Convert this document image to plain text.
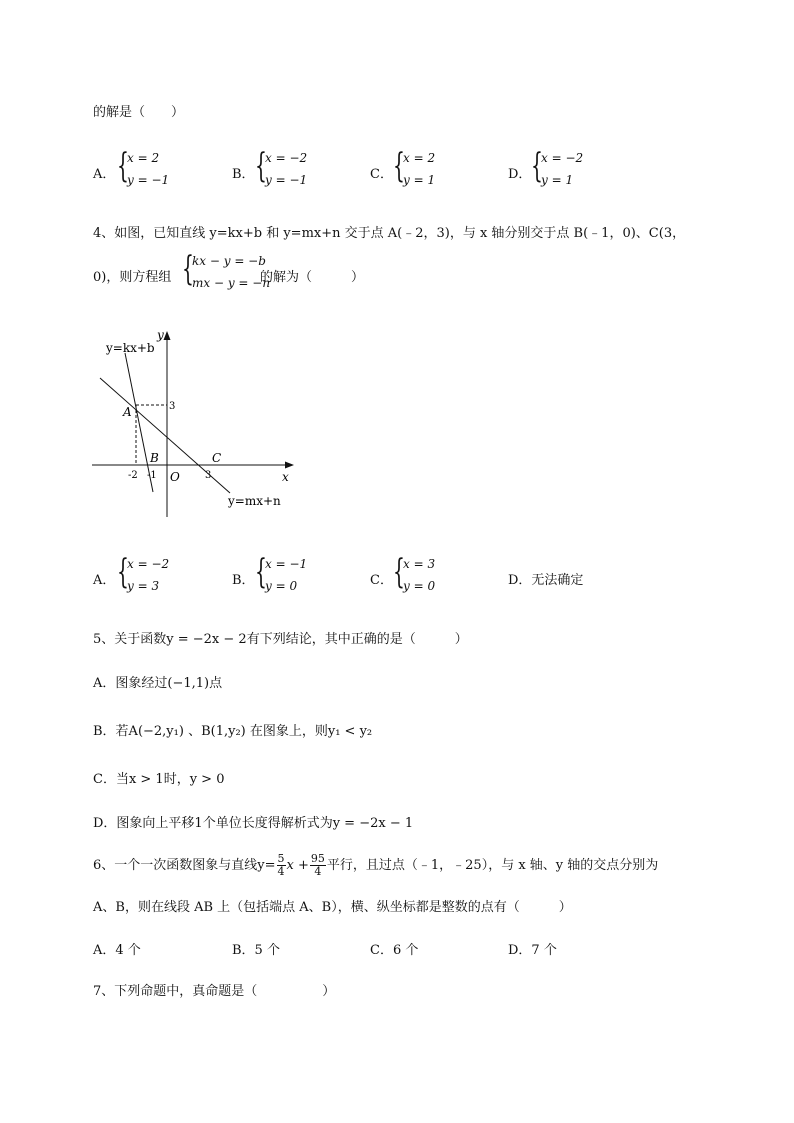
的解是（　　）
A． {
x = 2
y = −1	B． {
x = −2
y = −1	C． {
x = 2
y = 1	D． {
x = −2
y = 1
4、如图，已知直线 y=kx+b 和 y=mx+n 交于点 A(﹣2，3)，与 x 轴分别交于点 B(﹣1，0)、C(3，
0)，则方程组 {
kx − y = −b
mx − y = −n
的解为（　　　）
y=kx+b
y=mx+n
y
x
A
B	C
O
3
-2 -1	3
A． {
x = −2
y = 3	B． {
x = −1
y = 0	C． {
x = 3
y = 0	D．无法确定
5、关于函数y = −2x − 2有下列结论，其中正确的是（　　　）
A．图象经过(−1,1)点
B．若A(−2,y₁) 、B(1,y₂) 在图象上，则y₁ < y₂
C．当x > 1时，y > 0
D．图象向上平移1个单位长度得解析式为y = −2x − 1
6、一个一次函数图象与直线$y= \frac{5}{4}$ $x + \frac{95}{4}$ 平行，且过点（﹣1，﹣25），与 x 轴、y 轴的交点分别为
A、B，则在线段 AB 上（包括端点 A、B），横、纵坐标都是整数的点有（　　　）
A．4 个	B．5 个	C．6 个	D．7 个
7、下列命题中，真命题是（　　　　　）
